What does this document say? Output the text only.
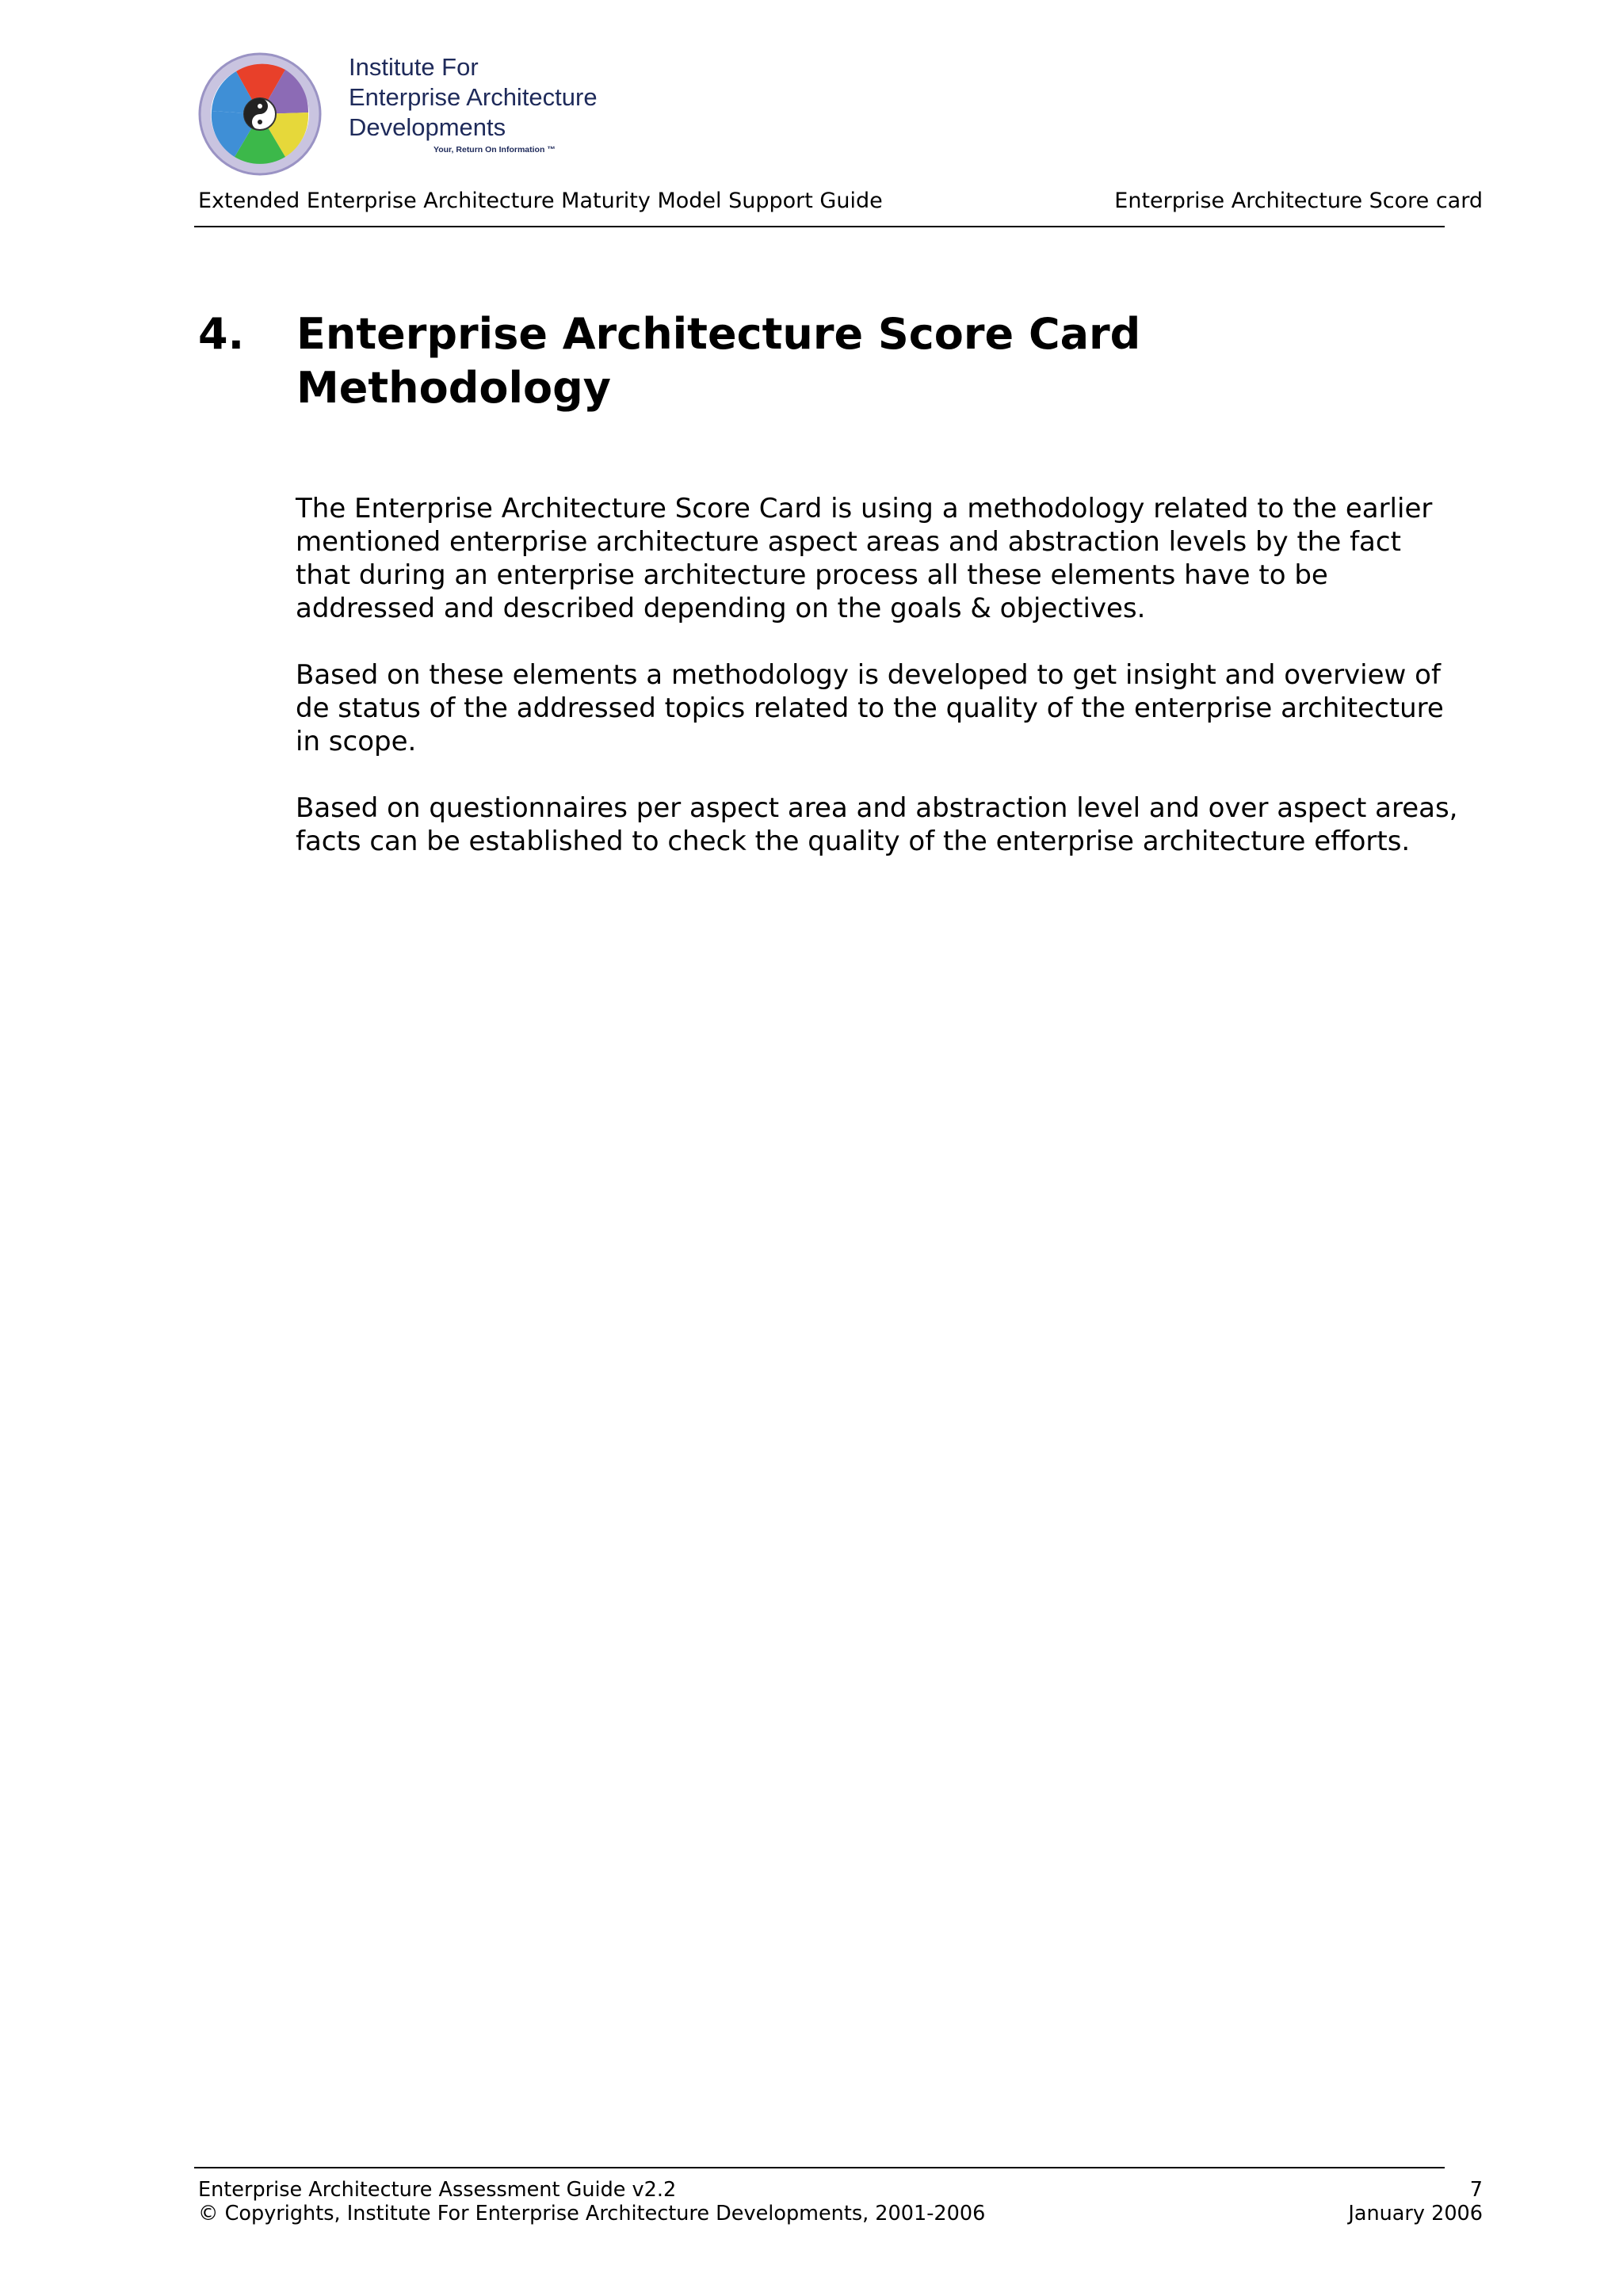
Institute For
Enterprise Architecture
Developments
Your, Return On Information ™
Extended Enterprise Architecture Maturity Model Support Guide	Enterprise Architecture Score card
4. Enterprise Architecture Score Card Methodology

The Enterprise Architecture Score Card is using a methodology related to the earlier mentioned enterprise architecture aspect areas and abstraction levels by the fact that during an enterprise architecture process all these elements have to be addressed and described depending on the goals & objectives.

Based on these elements a methodology is developed to get insight and overview of de status of the addressed topics related to the quality of the enterprise architecture in scope.

Based on questionnaires per aspect area and abstraction level and over aspect areas, facts can be established to check the quality of the enterprise architecture efforts.

Enterprise Architecture Assessment Guide v2.2
© Copyrights, Institute For Enterprise Architecture Developments, 2001-2006
7
January 2006
